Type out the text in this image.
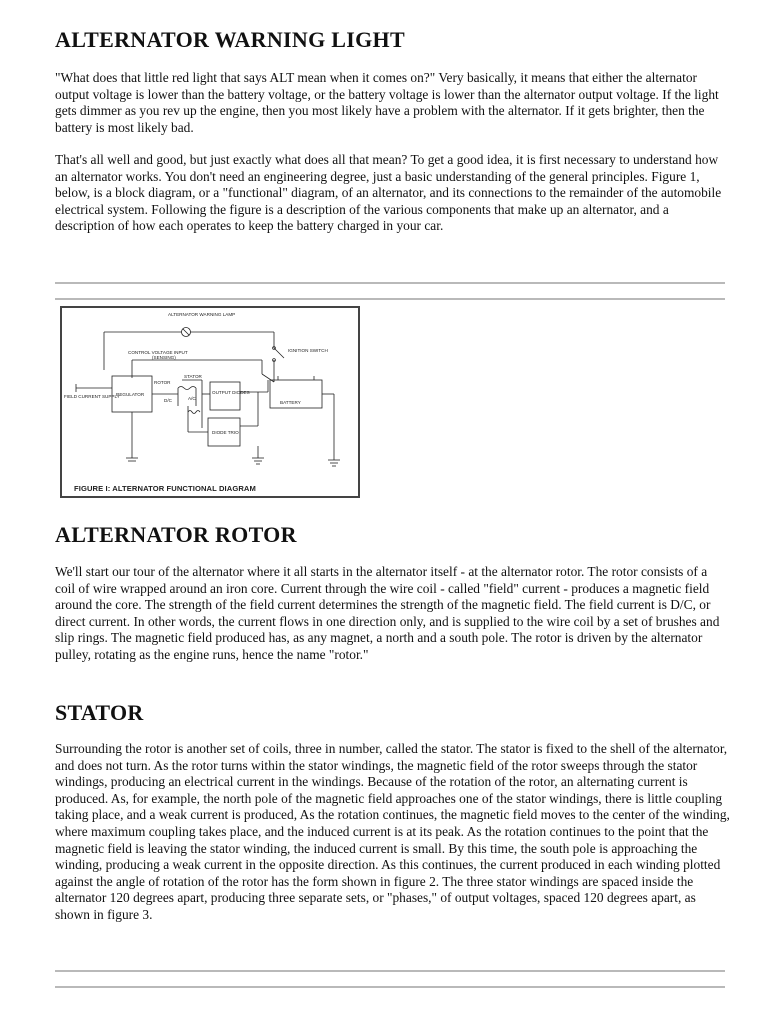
ALTERNATOR WARNING LIGHT

"What does that little red light that says ALT mean when it comes on?" Very basically, it means that either the alternator output voltage is lower than the battery voltage, or the battery voltage is lower than the alternator output voltage. If the light gets dimmer as you rev up the engine, then you most likely have a problem with the alternator. If it gets brighter, then the battery is most likely bad.

That's all well and good, but just exactly what does all that mean? To get a good idea, it is first necessary to understand how an alternator works. You don't need an engineering degree, just a basic understanding of the general principles. Figure 1, below, is a block diagram, or a "functional" diagram, of an alternator, and its connections to the remainder of the automobile electrical system. Following the figure is a description of the various components that make up an alternator, and a description of how each operates to keep the battery charged in your car.

ALTERNATOR WARNING LAMP
CONTROL VOLTAGE INPUT
(SENSING)
IGNITION SWITCH
FIELD CURRENT SUPPLY
REGULATOR
ROTOR
STATOR
D/C	A/C
OUTPUT DIODES
DIODE TRIO
BATTERY
FIGURE I: ALTERNATOR FUNCTIONAL DIAGRAM
ALTERNATOR ROTOR

We'll start our tour of the alternator where it all starts in the alternator itself - at the alternator rotor. The rotor consists of a coil of wire wrapped around an iron core. Current through the wire coil - called "field" current - produces a magnetic field around the core. The strength of the field current determines the strength of the magnetic field. The field current is D/C, or direct current. In other words, the current flows in one direction only, and is supplied to the wire coil by a set of brushes and slip rings. The magnetic field produced has, as any magnet, a north and a south pole. The rotor is driven by the alternator pulley, rotating as the engine runs, hence the name "rotor."

STATOR

Surrounding the rotor is another set of coils, three in number, called the stator. The stator is fixed to the shell of the alternator, and does not turn. As the rotor turns within the stator windings, the magnetic field of the rotor sweeps through the stator windings, producing an electrical current in the windings. Because of the rotation of the rotor, an alternating current is produced. As, for example, the north pole of the magnetic field approaches one of the stator windings, there is little coupling taking place, and a weak current is produced, As the rotation continues, the magnetic field moves to the center of the winding, where maximum coupling takes place, and the induced current is at its peak. As the rotation continues to the point that the magnetic field is leaving the stator winding, the induced current is small. By this time, the south pole is approaching the winding, producing a weak current in the opposite direction. As this continues, the current produced in each winding plotted against the angle of rotation of the rotor has the form shown in figure 2. The three stator windings are spaced inside the alternator 120 degrees apart, producing three separate sets, or "phases," of output voltages, spaced 120 degrees apart, as shown in figure 3.
